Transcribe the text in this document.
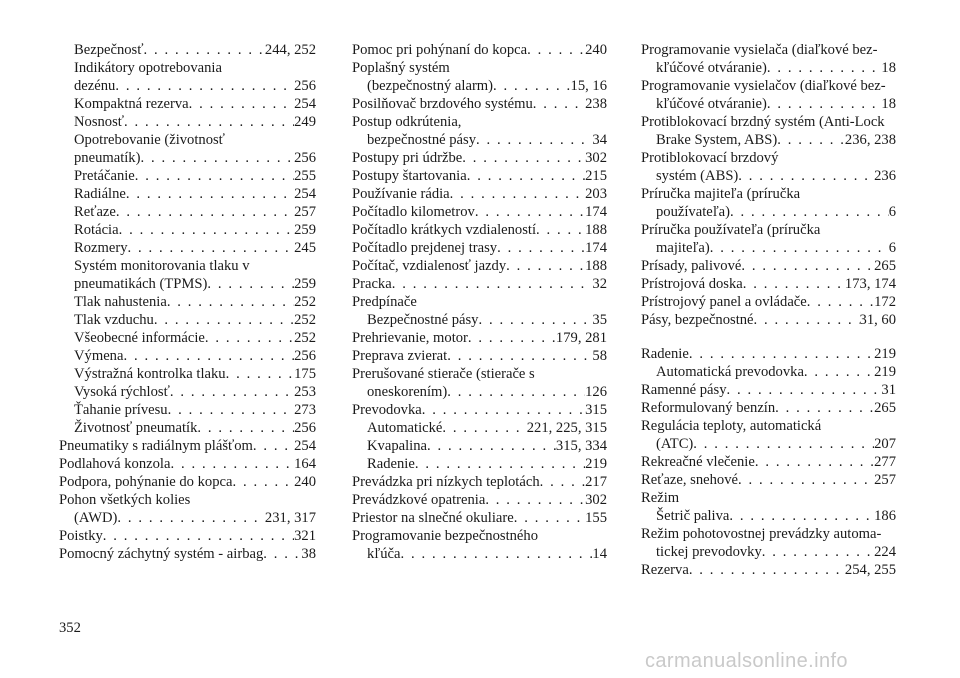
Bezpečnosť . . .	244, 252
Indikátory opotrebovania
dezénu . . .	256
Kompaktná rezerva . . .	254
Nosnosť . . .	249
Opotrebovanie (životnosť
pneumatík) . . .	256
Pretáčanie . . .	255
Radiálne . . .	254
Reťaze . . .	257
Rotácia . . .	259
Rozmery . . .	245
Systém monitorovania tlaku v
pneumatikách (TPMS) . . .	259
Tlak nahustenia . . .	252
Tlak vzduchu . . .	252
Všeobecné informácie . . .	252
Výmena . . .	256
Výstražná kontrolka tlaku . . .	175
Vysoká rýchlosť . . .	253
Ťahanie prívesu . . .	273
Životnosť pneumatík . . .	256
Pneumatiky s radiálnym plášťom . . .	254
Podlahová konzola . . .	164
Podpora, pohýnanie do kopca . . .	240
Pohon všetkých kolies
(AWD) . . .	231, 317
Poistky . . .	321
Pomocný záchytný systém - airbag . . .	38
Pomoc pri pohýnaní do kopca . . .	240
Poplašný systém
(bezpečnostný alarm) . . .	15, 16
Posilňovač brzdového systému . . .	238
Postup odkrútenia,
bezpečnostné pásy . . .	34
Postupy pri údržbe . . .	302
Postupy štartovania . . .	215
Používanie rádia . . .	203
Počítadlo kilometrov . . .	174
Počítadlo krátkych vzdialeností . . .	188
Počítadlo prejdenej trasy . . .	174
Počítač, vzdialenosť jazdy . . .	188
Pracka . . .	32
Predpínače
Bezpečnostné pásy . . .	35
Prehrievanie, motor . . .	179, 281
Preprava zvierat . . .	58
Prerušované stierače (stierače s
oneskorením) . . .	126
Prevodovka . . .	315
Automatické . . .	221, 225, 315
Kvapalina . . .	315, 334
Radenie . . .	219
Prevádzka pri nízkych teplotách . . .	217
Prevádzkové opatrenia . . .	302
Priestor na slnečné okuliare . . .	155
Programovanie bezpečnostného
kľúča . . .	14
Programovanie vysielača (diaľkové bez-
kľúčové otváranie) . . .	18
Programovanie vysielačov (diaľkové bez-
kľúčové otváranie) . . .	18
Protiblokovací brzdný systém (Anti-Lock
Brake System, ABS) . . .	236, 238
Protiblokovací brzdový
systém (ABS) . . .	236
Príručka majiteľa (príručka
používateľa) . . .	6
Príručka používateľa (príručka
majiteľa) . . .	6
Prísady, palivové . . .	265
Prístrojová doska . . .	173, 174
Prístrojový panel a ovládače . . .	172
Pásy, bezpečnostné . . .	31, 60
Radenie . . .	219
Automatická prevodovka . . .	219
Ramenné pásy . . .	31
Reformulovaný benzín . . .	265
Regulácia teploty, automatická
(ATC) . . .	207
Rekreačné vlečenie . . .	277
Reťaze, snehové . . .	257
Režim
Šetrič paliva . . .	186
Režim pohotovostnej prevádzky automa-
tickej prevodovky . . .	224
Rezerva . . .	254, 255
352
carmanualsonline.info
